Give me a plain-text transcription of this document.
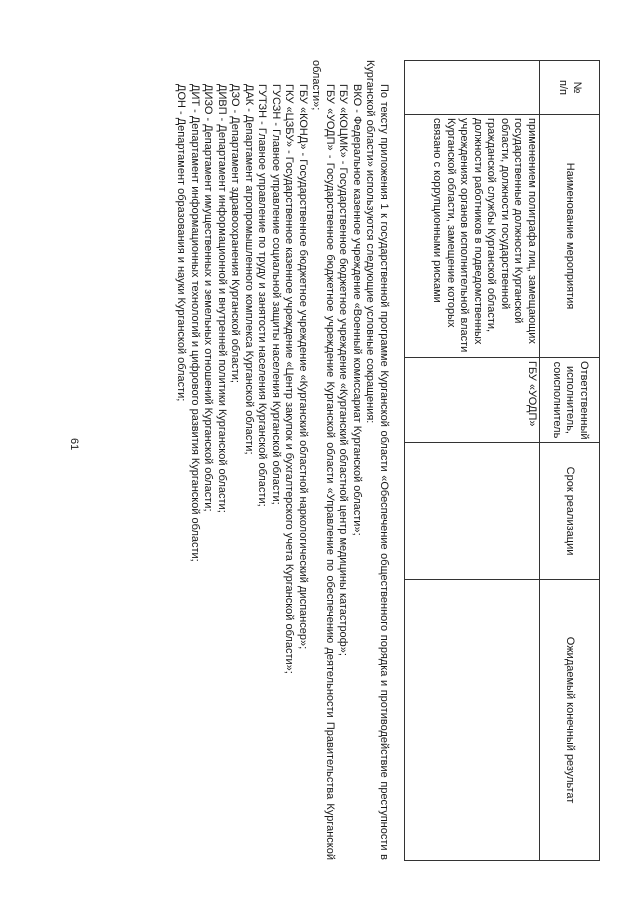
61
№
п/п	Наименование мероприятия	Ответственный исполнитель, соисполнитель	Срок реализации	Ожидаемый конечный результат
	применением полиграфа лиц, замещающих государственные должности Курганской области, должности государственной гражданской службы Курганской области, должности работников в подведомственных учреждениях органов исполнительной власти Курганской области, замещение которых связано с коррупционными рисками	ГБУ «УОДП»		

По тексту приложения 1 к государственной программе Курганской области «Обеспечение общественного порядка и противодействие преступности в Курганской области» используются следующие условные сокращения:

ВКО - Федеральное казенное учреждение «Военный комиссариат Курганской области»;

ГБУ «КОЦМК» - Государственное бюджетное учреждение «Курганский областной центр медицины катастроф»;

ГБУ «УОДП» - Государственное бюджетное учреждение Курганской области «Управление по обеспечению деятельности Правительства Курганской области»;

ГБУ «КОНД» - Государственное бюджетное учреждение «Курганский областной наркологический диспансер»;

ГКУ «ЦЗБУ» - Государственное казенное учреждение «Центр закупок и бухгалтерского учета Курганской области»;

ГУСЗН - Главное управление социальной защиты населения Курганской области;

ГУТЗН - Главное управление по труду и занятости населения Курганской области;

ДАК - Департамент агропромышленного комплекса Курганской области;

ДЗО - Департамент здравоохранения Курганской области;

ДИВП - Департамент информационной и внутренней политики Курганской области;

ДИЗО - Департамент имущественных и земельных отношений Курганской области;

ДИТ - Департамент информационных технологий и цифрового развития Курганской области;

ДОН - Департамент образования и науки Курганской области;
